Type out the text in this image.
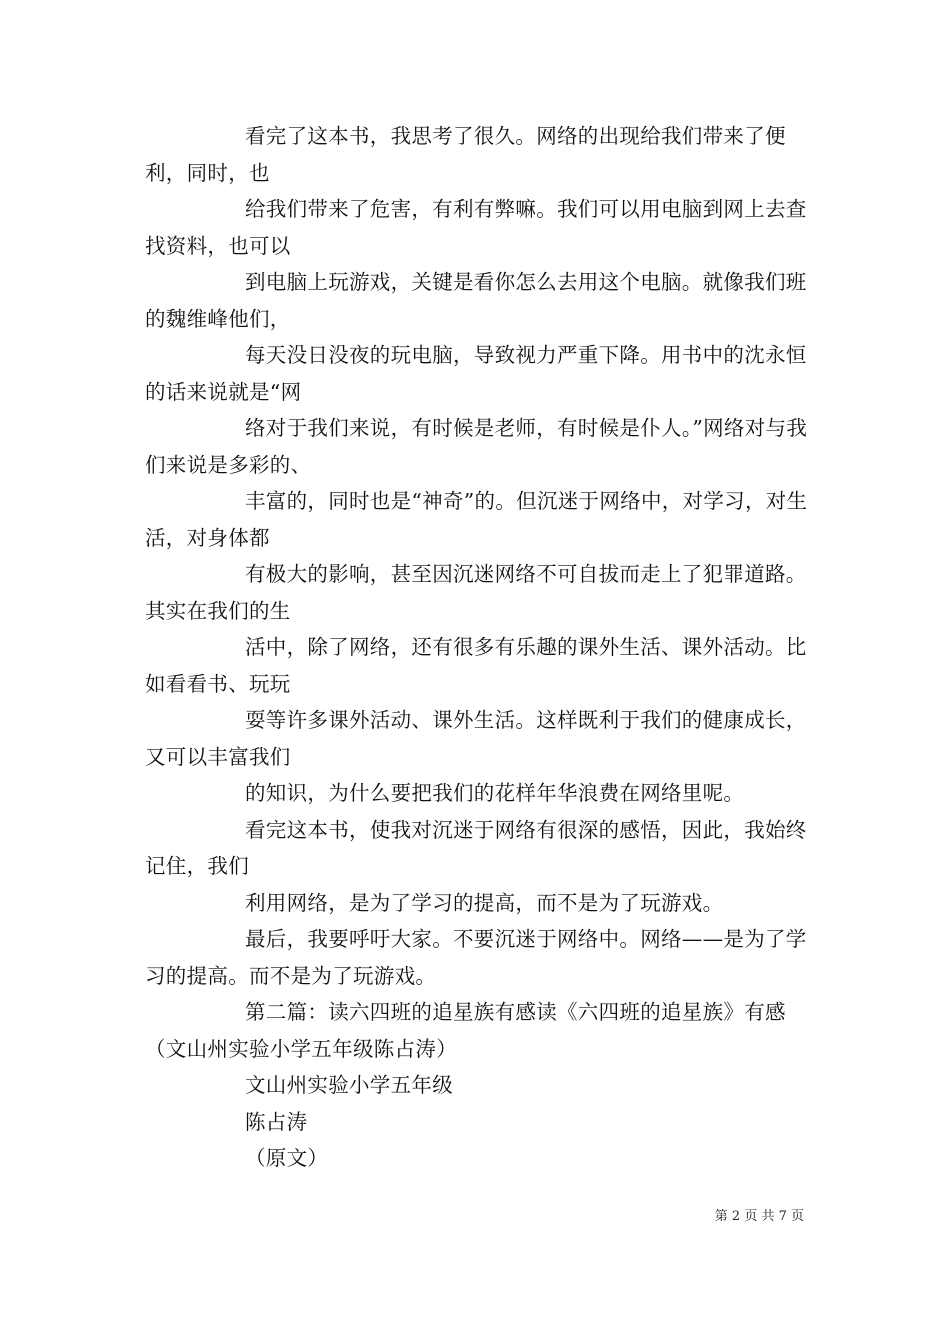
看完了这本书，我思考了很久。网络的出现给我们带来了便利，同时，也

给我们带来了危害，有利有弊嘛。我们可以用电脑到网上去查找资料，也可以

到电脑上玩游戏，关键是看你怎么去用这个电脑。就像我们班的魏维峰他们，

每天没日没夜的玩电脑，导致视力严重下降。用书中的沈永恒的话来说就是“网

络对于我们来说，有时候是老师，有时候是仆人。”网络对与我们来说是多彩的、

丰富的，同时也是“神奇”的。但沉迷于网络中，对学习，对生活，对身体都

有极大的影响，甚至因沉迷网络不可自拔而走上了犯罪道路。其实在我们的生

活中，除了网络，还有很多有乐趣的课外生活、课外活动。比如看看书、玩玩

耍等许多课外活动、课外生活。这样既利于我们的健康成长，又可以丰富我们

的知识，为什么要把我们的花样年华浪费在网络里呢。

看完这本书，使我对沉迷于网络有很深的感悟，因此，我始终记住，我们

利用网络，是为了学习的提高，而不是为了玩游戏。

最后，我要呼吁大家。不要沉迷于网络中。网络——是为了学习的提高。而不是为了玩游戏。

第二篇：读六四班的追星族有感读《六四班的追星族》有感（文山州实验小学五年级陈占涛）

文山州实验小学五年级

陈占涛

（原文）

第 2 页 共 7 页
